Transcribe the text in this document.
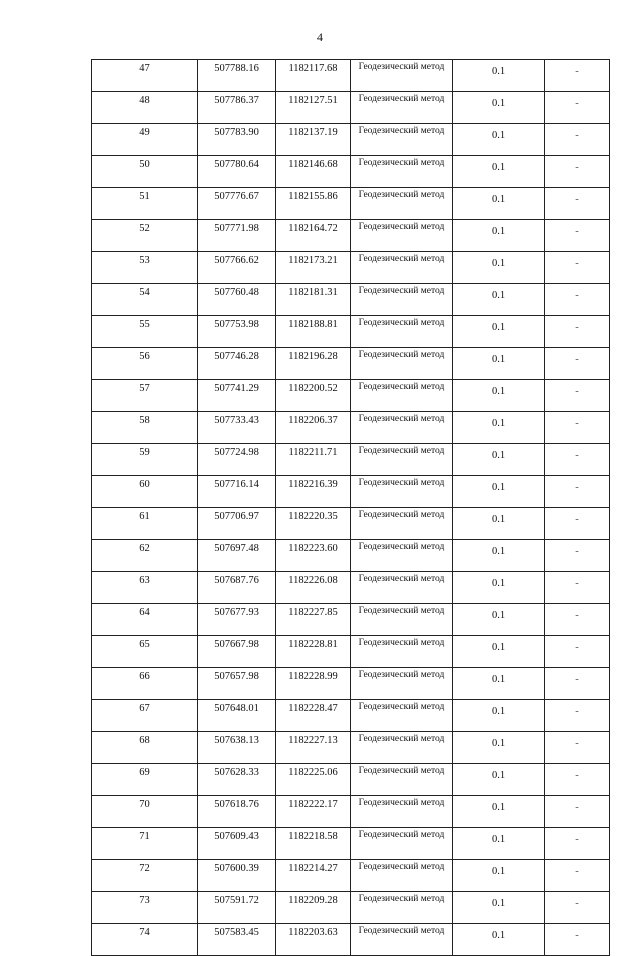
4
47	507788.16	1182117.68	Геодезический метод	0.1	-
48	507786.37	1182127.51	Геодезический метод	0.1	-
49	507783.90	1182137.19	Геодезический метод	0.1	-
50	507780.64	1182146.68	Геодезический метод	0.1	-
51	507776.67	1182155.86	Геодезический метод	0.1	-
52	507771.98	1182164.72	Геодезический метод	0.1	-
53	507766.62	1182173.21	Геодезический метод	0.1	-
54	507760.48	1182181.31	Геодезический метод	0.1	-
55	507753.98	1182188.81	Геодезический метод	0.1	-
56	507746.28	1182196.28	Геодезический метод	0.1	-
57	507741.29	1182200.52	Геодезический метод	0.1	-
58	507733.43	1182206.37	Геодезический метод	0.1	-
59	507724.98	1182211.71	Геодезический метод	0.1	-
60	507716.14	1182216.39	Геодезический метод	0.1	-
61	507706.97	1182220.35	Геодезический метод	0.1	-
62	507697.48	1182223.60	Геодезический метод	0.1	-
63	507687.76	1182226.08	Геодезический метод	0.1	-
64	507677.93	1182227.85	Геодезический метод	0.1	-
65	507667.98	1182228.81	Геодезический метод	0.1	-
66	507657.98	1182228.99	Геодезический метод	0.1	-
67	507648.01	1182228.47	Геодезический метод	0.1	-
68	507638.13	1182227.13	Геодезический метод	0.1	-
69	507628.33	1182225.06	Геодезический метод	0.1	-
70	507618.76	1182222.17	Геодезический метод	0.1	-
71	507609.43	1182218.58	Геодезический метод	0.1	-
72	507600.39	1182214.27	Геодезический метод	0.1	-
73	507591.72	1182209.28	Геодезический метод	0.1	-
74	507583.45	1182203.63	Геодезический метод	0.1	-
